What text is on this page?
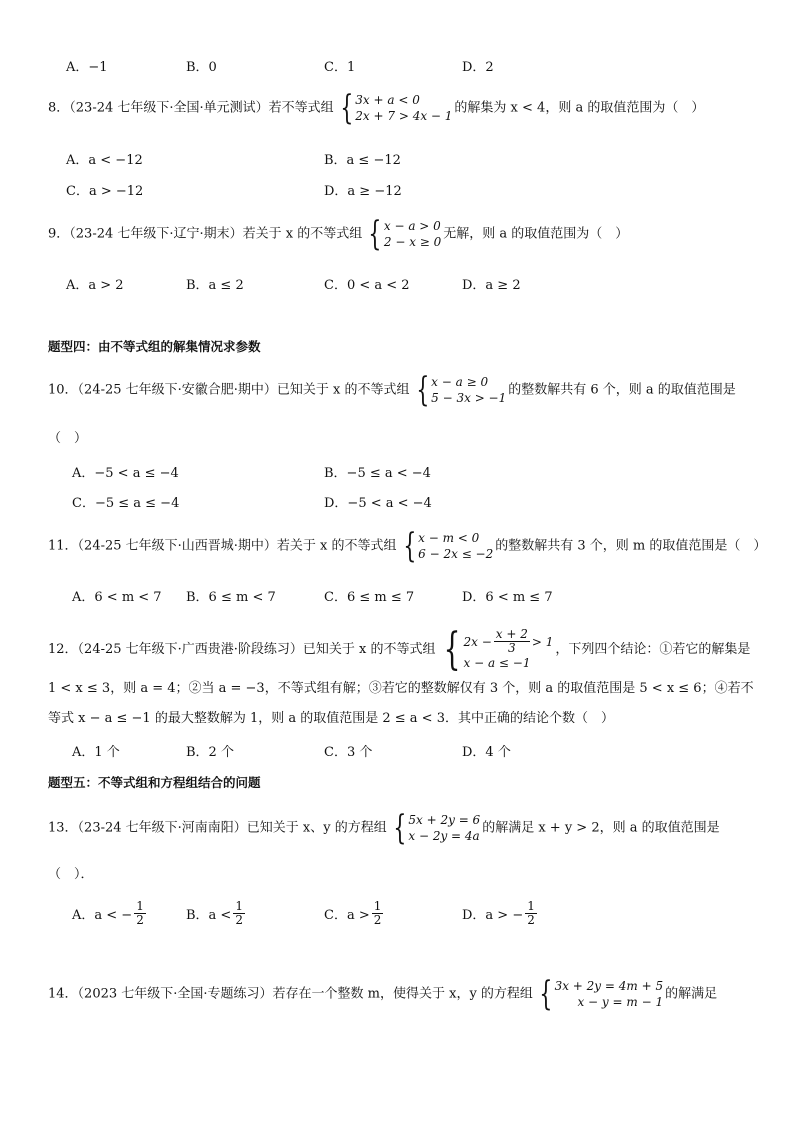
A．−1	B．0	C．1	D．2
8．（23-24 七年级下·全国·单元测试）若不等式组 { 3x + a < 0
2x + 7 > 4x − 1
的解集为 x < 4，则 a 的取值范围为（　）
A．a < −12	B．a ≤ −12
C．a > −12	D．a ≥ −12
9．（23-24 七年级下·辽宁·期末）若关于 x 的不等式组 { x − a > 0
2 − x ≥ 0
无解，则 a 的取值范围为（　）
A．a > 2	B．a ≤ 2	C．0 < a < 2	D．a ≥ 2
题型四：由不等式组的解集情况求参数
10．（24-25 七年级下·安徽合肥·期中）已知关于 x 的不等式组 { x − a ≥ 0
5 − 3x > −1
的整数解共有 6 个，则 a 的取值范围是
（　）
A．−5 < a ≤ −4	B．−5 ≤ a < −4
C．−5 ≤ a ≤ −4	D．−5 < a < −4
11．（24-25 七年级下·山西晋城·期中）若关于 x 的不等式组 { x − m < 0
6 − 2x ≤ −2
的整数解共有 3 个，则 m 的取值范围是（　）
A．6 < m < 7 B．6 ≤ m < 7	C．6 ≤ m ≤ 7	D．6 < m ≤ 7
12．（24-25 七年级下·广西贵港·阶段练习）已知关于 x 的不等式组 { $2x - \frac{x + 2}{3} > 1$
x − a ≤ −1
，下列四个结论：①若它的解集是
1 < x ≤ 3，则 a = 4；②当 a = −3，不等式组有解；③若它的整数解仅有 3 个，则 a 的取值范围是 5 < x ≤ 6；④若不
等式 x − a ≤ −1 的最大整数解为 1，则 a 的取值范围是 2 ≤ a < 3．其中正确的结论个数（　）
A．1 个	B．2 个	C．3 个	D．4 个
题型五：不等式组和方程组结合的问题
13．（23-24 七年级下·河南南阳）已知关于 x、y 的方程组 { 5x + 2y = 6
x − 2y = 4a
的解满足 x + y > 2，则 a 的取值范围是
（　）．
A．a < − $\frac{1}{2}$	B．$a < \frac{1}{2}$	C．$a > \frac{1}{2}$	D．a > − $\frac{1}{2}$
14．（2023 七年级下·全国·专题练习）若存在一个整数 m，使得关于 x，y 的方程组 { 3x + 2y = 4m + 5
x − y = m − 1
的解满足
